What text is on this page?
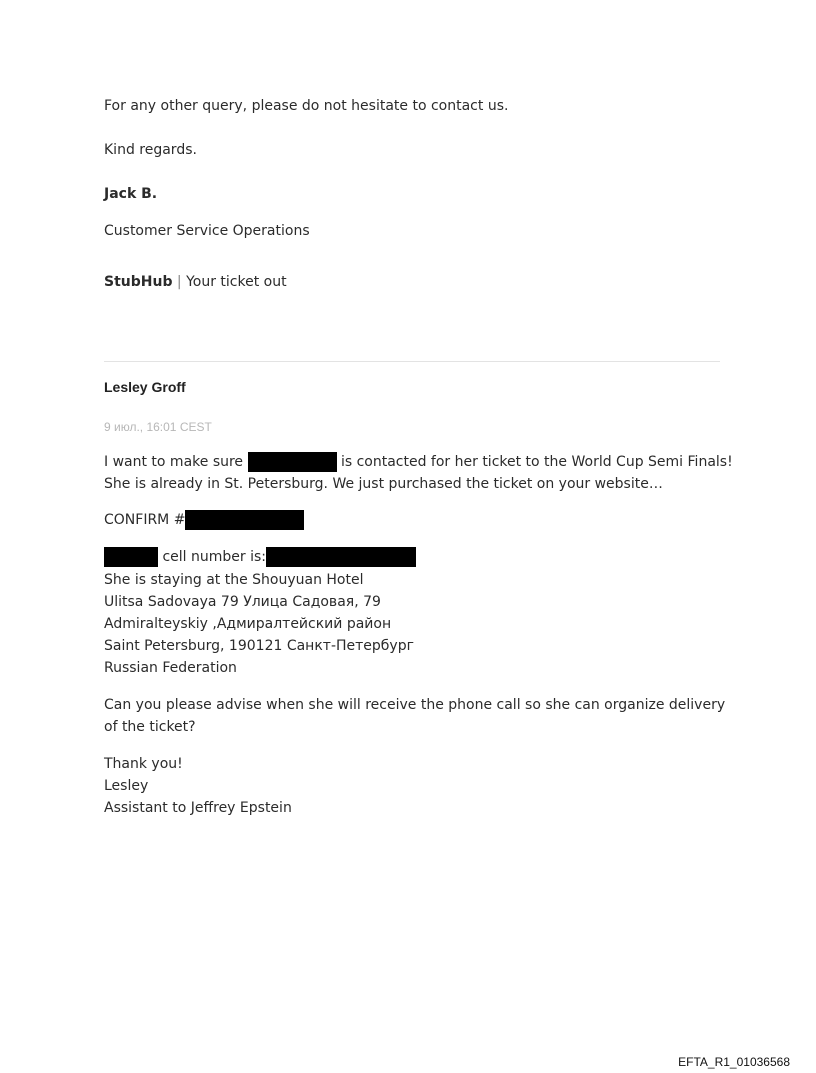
For any other query, please do not hesitate to contact us.
Kind regards.
Jack B.
Customer Service Operations
StubHub | Your ticket out
Lesley Groff
9 июл., 16:01 CEST
I want to make sure	is contacted for her ticket to the World Cup Semi Finals!
She is already in St. Petersburg. We just purchased the ticket on your website…
CONFIRM #
cell number is:
She is staying at the Shouyuan Hotel
Ulitsa Sadovaya 79 Улица Садовая, 79
Admiralteyskiy ,Адмиралтейский район
Saint Petersburg, 190121 Санкт-Петербург
Russian Federation
Can you please advise when she will receive the phone call so she can organize delivery
of the ticket?
Thank you!
Lesley
Assistant to Jeffrey Epstein
EFTA_R1_01036568
